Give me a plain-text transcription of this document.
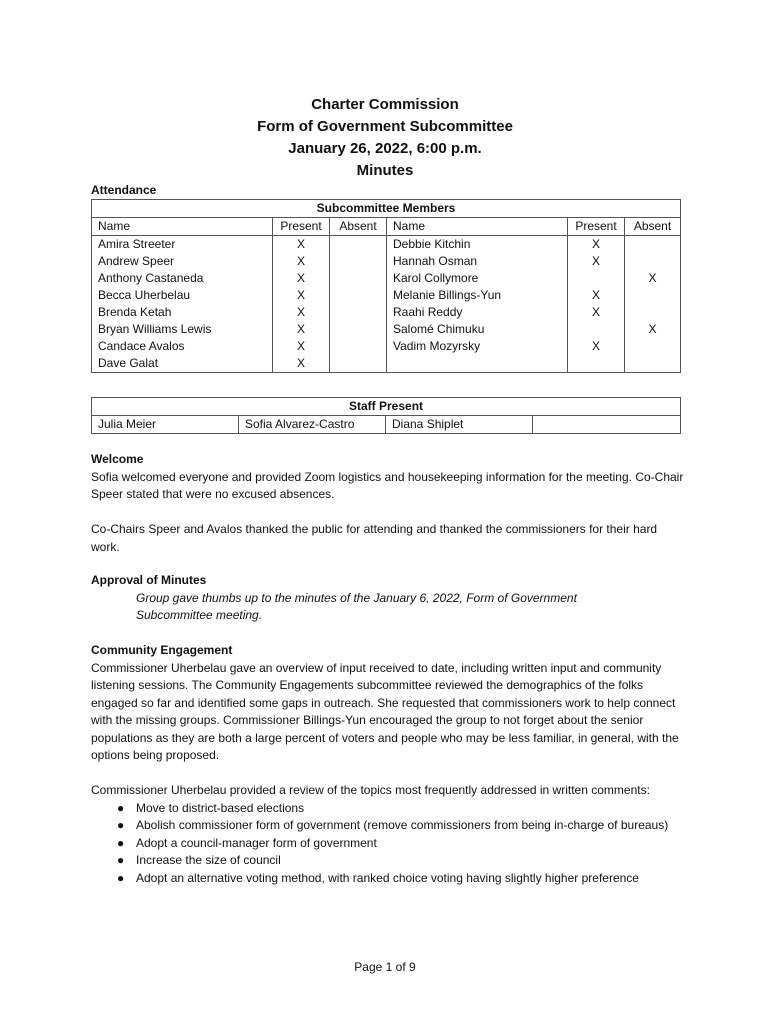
Charter Commission
Form of Government Subcommittee
January 26, 2022, 6:00 p.m.
Minutes
Attendance
Subcommittee Members					
Name	Present	Absent	Name	Present	Absent
Amira Streeter	X		Debbie Kitchin	X	
Andrew Speer	X		Hannah Osman	X	
Anthony Castaneda	X		Karol Collymore		X
Becca Uherbelau	X		Melanie Billings-Yun	X	
Brenda Ketah	X		Raahi Reddy	X	
Bryan Williams Lewis	X		Salomé Chimuku		X
Candace Avalos	X		Vadim Mozyrsky	X	
Dave Galat	X				
Staff Present
Julia Meier	Sofia Alvarez-Castro	Diana Shiplet	
Welcome
Sofia welcomed everyone and provided Zoom logistics and housekeeping information for the meeting. Co-Chair Speer stated that were no excused absences.
Co-Chairs Speer and Avalos thanked the public for attending and thanked the commissioners for their hard work.
Approval of Minutes
Group gave thumbs up to the minutes of the January 6, 2022, Form of Government Subcommittee meeting.
Community Engagement
Commissioner Uherbelau gave an overview of input received to date, including written input and community listening sessions. The Community Engagements subcommittee reviewed the demographics of the folks engaged so far and identified some gaps in outreach. She requested that commissioners work to help connect with the missing groups. Commissioner Billings-Yun encouraged the group to not forget about the senior populations as they are both a large percent of voters and people who may be less familiar, in general, with the options being proposed.
Commissioner Uherbelau provided a review of the topics most frequently addressed in written comments:
● Move to district-based elections
● Abolish commissioner form of government (remove commissioners from being in-charge of bureaus)
● Adopt a council-manager form of government
● Increase the size of council
● Adopt an alternative voting method, with ranked choice voting having slightly higher preference
Page 1 of 9
